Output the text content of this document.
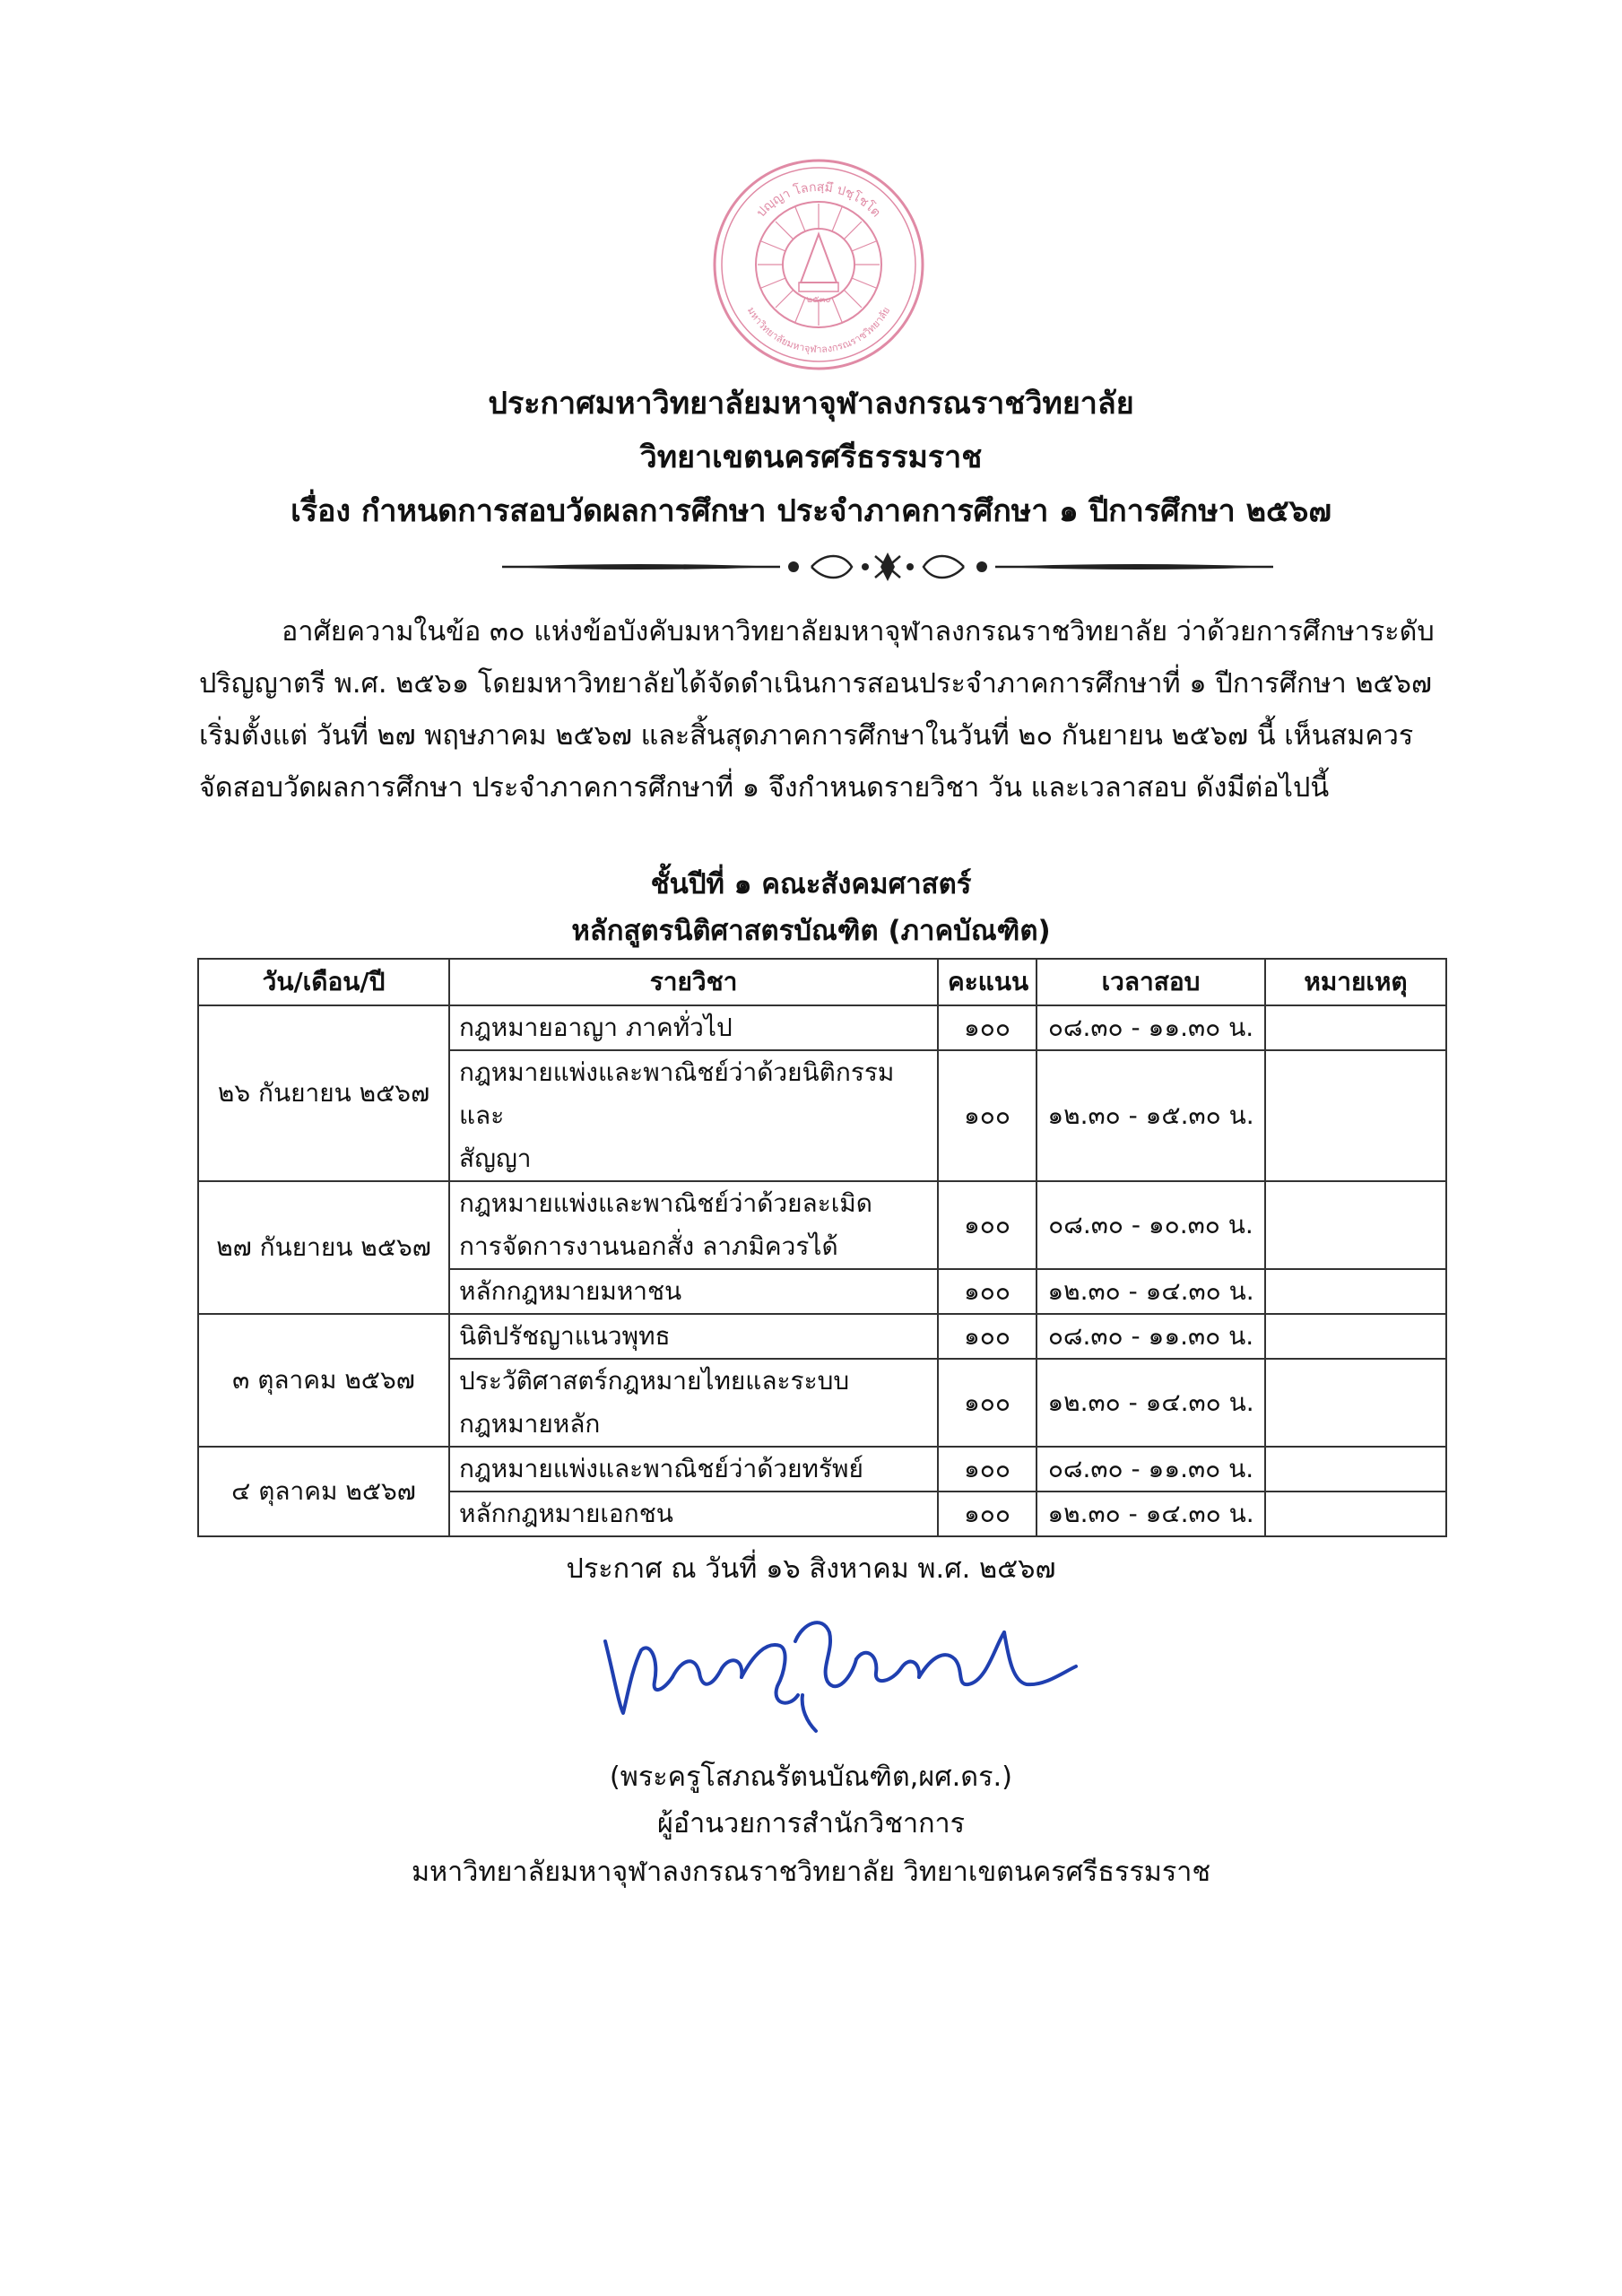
ปญฺญา โลกสฺมึ ปชฺโชโต
มหาวิทยาลัยมหาจุฬาลงกรณราชวิทยาลัย
๒๕๓๐
ประกาศมหาวิทยาลัยมหาจุฬาลงกรณราชวิทยาลัย
วิทยาเขตนครศรีธรรมราช
เรื่อง กำหนดการสอบวัดผลการศึกษา ประจำภาคการศึกษา ๑ ปีการศึกษา ๒๕๖๗
อาศัยความในข้อ ๓๐ แห่งข้อบังคับมหาวิทยาลัยมหาจุฬาลงกรณราชวิทยาลัย ว่าด้วยการศึกษาระดับ
ปริญญาตรี พ.ศ. ๒๕๖๑ โดยมหาวิทยาลัยได้จัดดำเนินการสอนประจำภาคการศึกษาที่ ๑ ปีการศึกษา ๒๕๖๗
เริ่มตั้งแต่ วันที่ ๒๗ พฤษภาคม ๒๕๖๗ และสิ้นสุดภาคการศึกษาในวันที่ ๒๐ กันยายน ๒๕๖๗ นี้ เห็นสมควร
จัดสอบวัดผลการศึกษา ประจำภาคการศึกษาที่ ๑ จึงกำหนดรายวิชา วัน และเวลาสอบ ดังมีต่อไปนี้
ชั้นปีที่ ๑ คณะสังคมศาสตร์
หลักสูตรนิติศาสตรบัณฑิต (ภาคบัณฑิต)
วัน/เดือน/ปี	รายวิชา	คะแนน	เวลาสอบ	หมายเหตุ
๒๖ กันยายน ๒๕๖๗	กฎหมายอาญา ภาคทั่วไป	๑๐๐	๐๘.๓๐ - ๑๑.๓๐ น.	
	กฎหมายแพ่งและพาณิชย์ว่าด้วยนิติกรรมและ
สัญญา	๑๐๐	๑๒.๓๐ - ๑๕.๓๐ น.	
๒๗ กันยายน ๒๕๖๗	กฎหมายแพ่งและพาณิชย์ว่าด้วยละเมิด
การจัดการงานนอกสั่ง ลาภมิควรได้	๑๐๐	๐๘.๓๐ - ๑๐.๓๐ น.	
	หลักกฎหมายมหาชน	๑๐๐	๑๒.๓๐ - ๑๔.๓๐ น.	
๓ ตุลาคม ๒๕๖๗	นิติปรัชญาแนวพุทธ	๑๐๐	๐๘.๓๐ - ๑๑.๓๐ น.	
	ประวัติศาสตร์กฎหมายไทยและระบบ
กฎหมายหลัก	๑๐๐	๑๒.๓๐ - ๑๔.๓๐ น.	
๔ ตุลาคม ๒๕๖๗	กฎหมายแพ่งและพาณิชย์ว่าด้วยทรัพย์	๑๐๐	๐๘.๓๐ - ๑๑.๓๐ น.	
	หลักกฎหมายเอกชน	๑๐๐	๑๒.๓๐ - ๑๔.๓๐ น.	
ประกาศ ณ วันที่ ๑๖ สิงหาคม พ.ศ. ๒๕๖๗
(พระครูโสภณรัตนบัณฑิต,ผศ.ดร.)
ผู้อำนวยการสำนักวิชาการ
มหาวิทยาลัยมหาจุฬาลงกรณราชวิทยาลัย วิทยาเขตนครศรีธรรมราช
